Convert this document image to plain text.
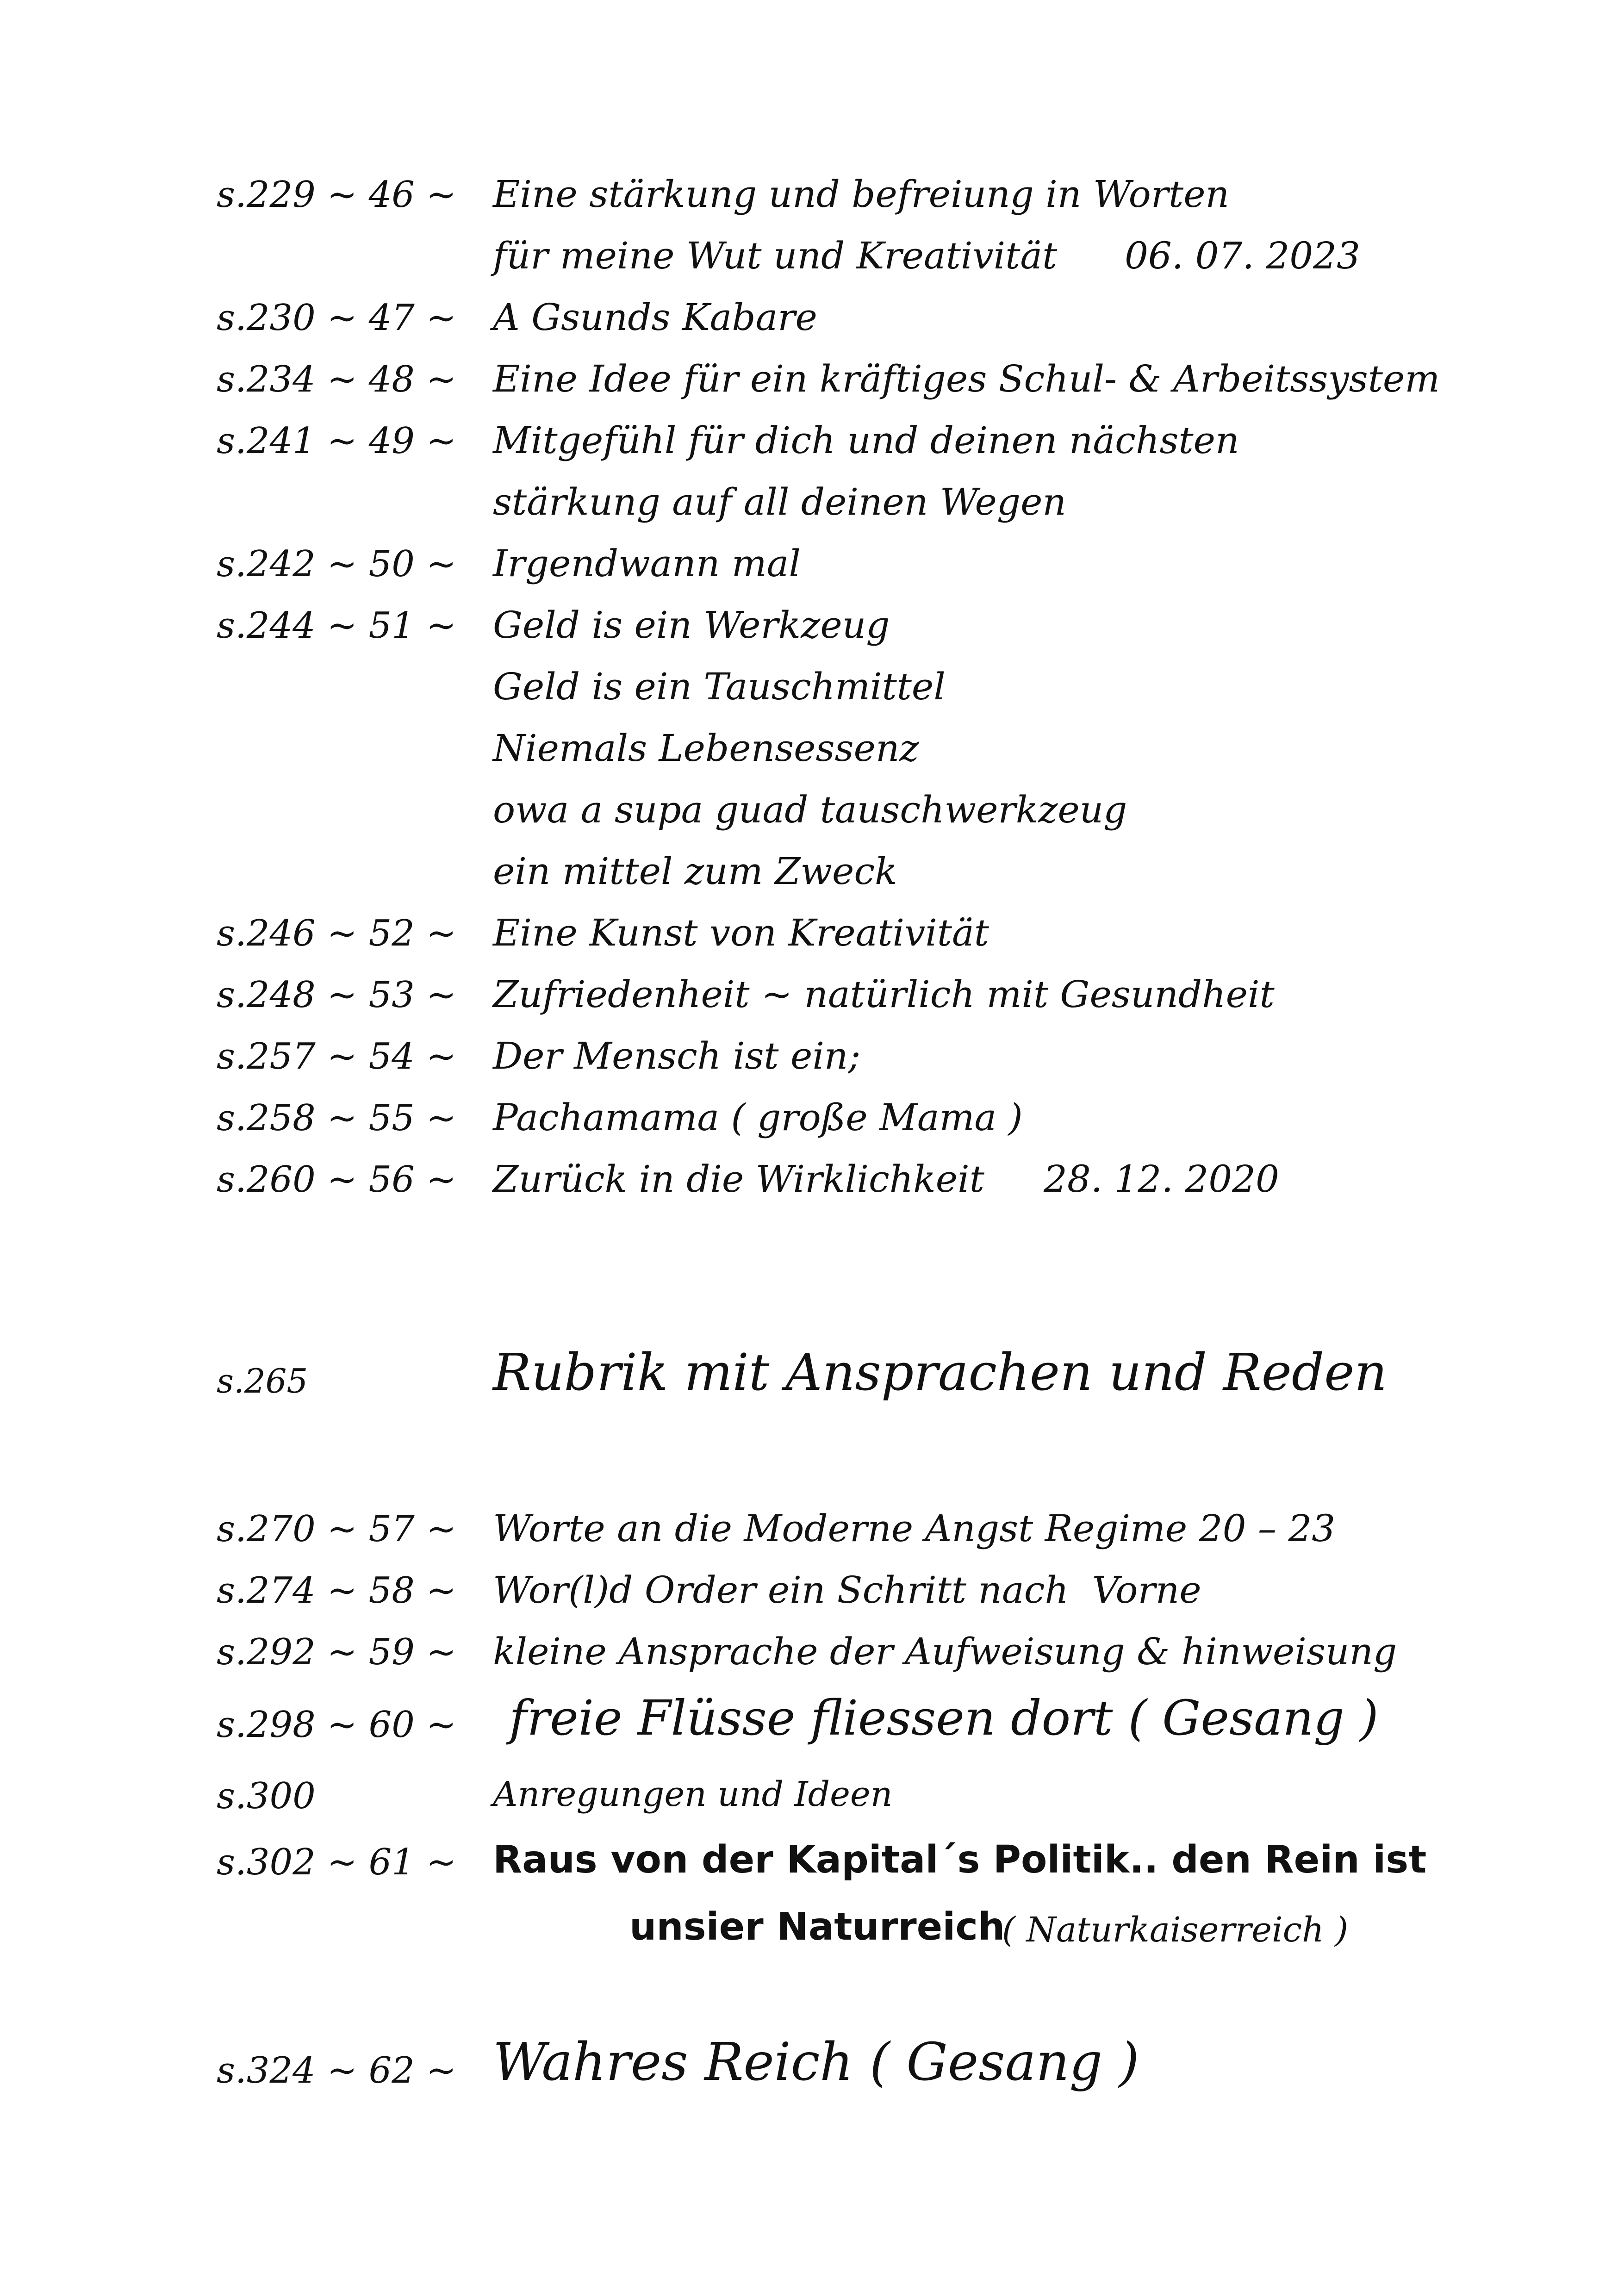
s.229 ~ 46 ~ Eine stärkung und befreiung in Worten
für meine Wut und Kreativität 06. 07. 2023
s.230 ~ 47 ~ A Gsunds Kabare
s.234 ~ 48 ~ Eine Idee für ein kräftiges Schul- & Arbeitssystem
s.241 ~ 49 ~ Mitgefühl für dich und deinen nächsten
stärkung auf all deinen Wegen
s.242 ~ 50 ~ Irgendwann mal
s.244 ~ 51 ~ Geld is ein Werkzeug
Geld is ein Tauschmittel
Niemals Lebensessenz
owa a supa guad tauschwerkzeug
ein mittel zum Zweck
s.246 ~ 52 ~ Eine Kunst von Kreativität
s.248 ~ 53 ~ Zufriedenheit ~ natürlich mit Gesundheit
s.257 ~ 54 ~ Der Mensch ist ein;
s.258 ~ 55 ~ Pachamama ( große Mama )
s.260 ~ 56 ~ Zurück in die Wirklichkeit 28. 12. 2020
s.265	Rubrik mit Ansprachen und Reden
s.270 ~ 57 ~ Worte an die Moderne Angst Regime 20 – 23
s.274 ~ 58 ~ Wor(l)d Order ein Schritt nach  Vorne
s.292 ~ 59 ~ kleine Ansprache der Aufweisung & hinweisung
s.298 ~ 60 ~ freie Flüsse fliessen dort ( Gesang )
s.300	Anregungen und Ideen
s.302 ~ 61 ~ Raus von der Kapital´s Politik.. den Rein ist
unsier Naturreich
( Naturkaiserreich )
s.324 ~ 62 ~ Wahres Reich ( Gesang )
